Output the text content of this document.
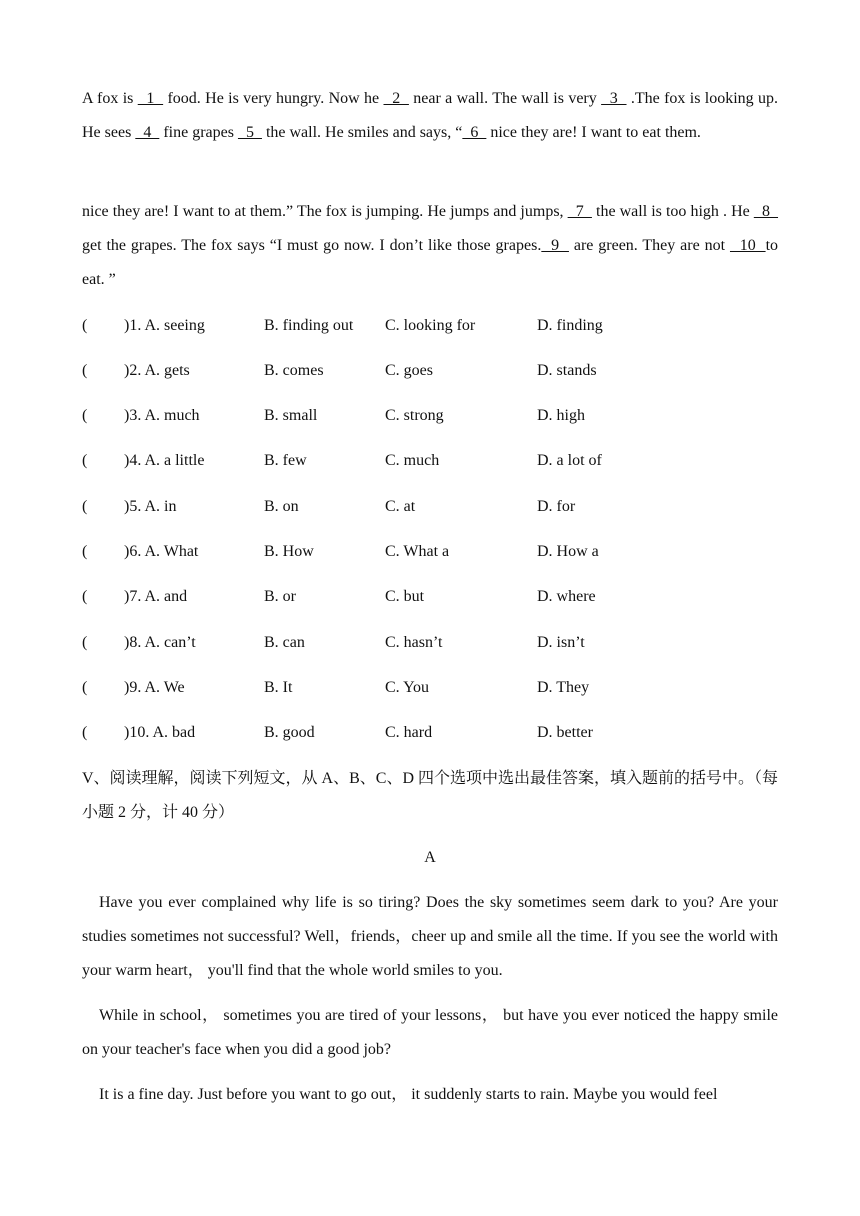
A fox is   1   food. He is very hungry. Now he   2   near a wall. The wall is very   3   .The fox is looking up. He sees   4   fine grapes   5   the wall. He smiles and says, “  6   nice they are! I want to eat them.

nice they are! I want to at them.” The fox is jumping. He jumps and jumps,   7   the wall is too high . He   8   get the grapes. The fox says “I must go now. I don’t like those grapes.  9   are green. They are not   10  to eat. ”

( )1. A. seeing	B. finding out C. looking for	D. finding
( )2. A. gets	B. comes	C. goes	D. stands
( )3. A. much	B. small	C. strong	D. high
( )4. A. a little	B. few	C. much	D. a lot of
( )5. A. in	B. on	C. at	D. for
( )6. A. What	B. How	C. What a	D. How a
( )7. A. and	B. or	C. but	D. where
( )8. A. can’t	B. can	C. hasn’t	D. isn’t
( )9. A. We	B. It	C. You	D. They
( )10. A. bad	B. good	C. hard	D. better

V、阅读理解，阅读下列短文，从 A、B、C、D 四个选项中选出最佳答案，填入题前的括号中。（每小题 2 分，计 40 分）

A

Have you ever complained why life is so tiring? Does the sky sometimes seem dark to you? Are your studies sometimes not successful? Well，friends，cheer up and smile all the time. If you see the world with your warm heart， you'll find that the whole world smiles to you.

While in school， sometimes you are tired of your lessons， but have you ever noticed the happy smile on your teacher's face when you did a good job?

It is a fine day. Just before you want to go out， it suddenly starts to rain. Maybe you would feel
